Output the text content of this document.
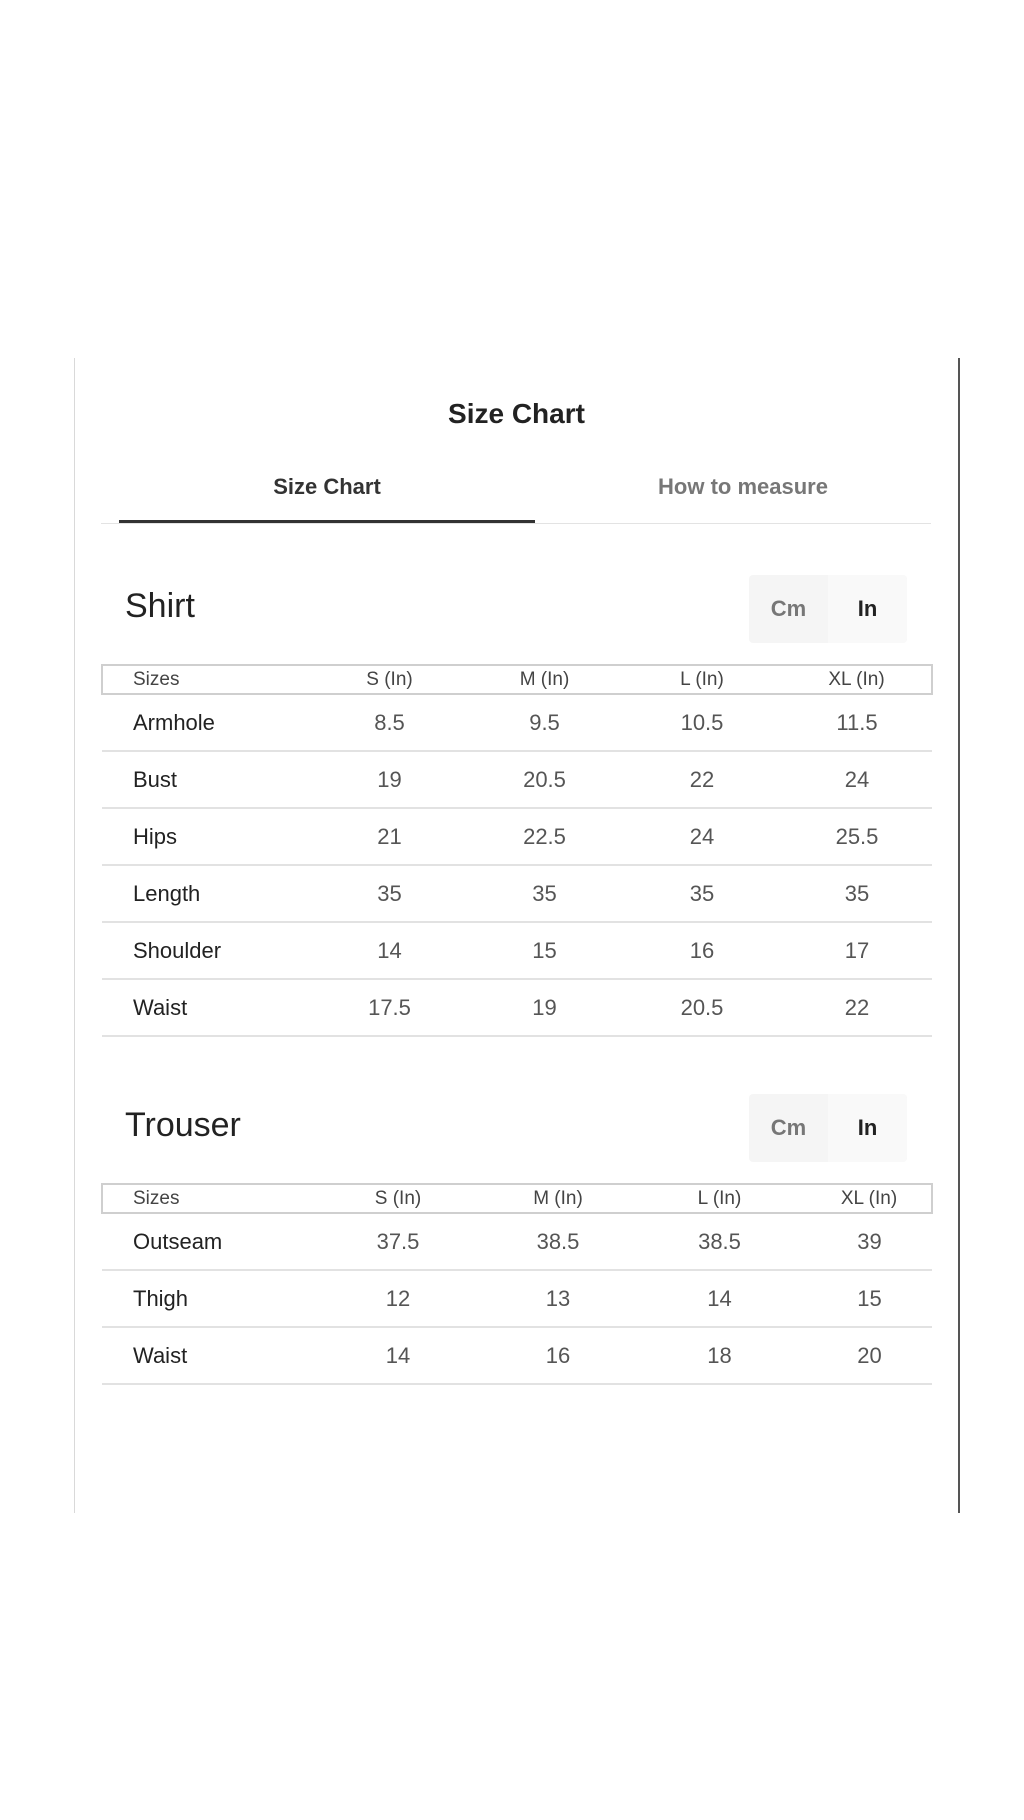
Size Chart
Size Chart	How to measure
Shirt	Cm	In
Sizes	S (In)	M (In)	L (In)	XL (In)
Armhole	8.5	9.5	10.5	11.5
Bust	19	20.5	22	24
Hips	21	22.5	24	25.5
Length	35	35	35	35
Shoulder	14	15	16	17
Waist	17.5	19	20.5	22
Trouser	Cm	In
Sizes	S (In)	M (In)	L (In)	XL (In)
Outseam	37.5	38.5	38.5	39
Thigh	12	13	14	15
Waist	14	16	18	20
